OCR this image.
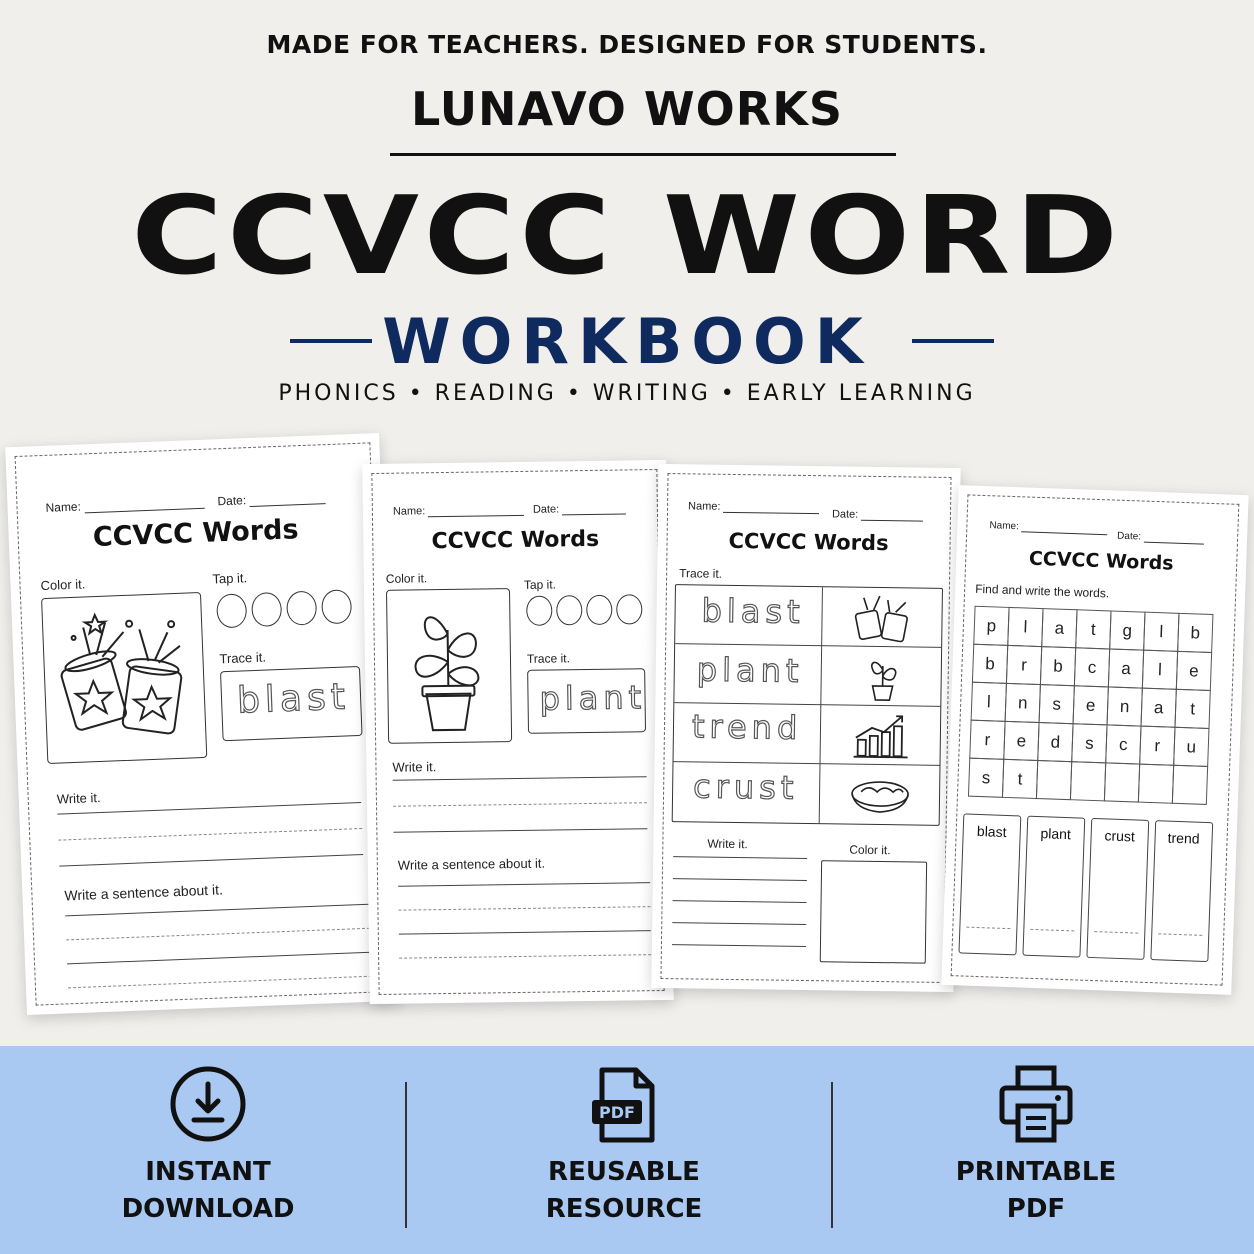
MADE FOR TEACHERS. DESIGNED FOR STUDENTS.
LUNAVO WORKS
CCVCC WORD
WORKBOOK
PHONICS • READING • WRITING • EARLY LEARNING
Name:	Date:
CCVCC Words
Color it.	Tap it.
Trace it.
blast
Write it.
Write a sentence about it.
Name:	Date:
CCVCC Words
Color it.	Tap it.
Trace it.
plant
Write it.
Write a sentence about it.
Name:
Date:
CCVCC Words
Trace it.
blast
plant
trend
crust
Write it.	Color it.
Name:
Date:
CCVCC Words
Find and write the words.
p	l	a	t	g	l	b
b	r	b	c	a	l	e
l	n	s	e	n	a	t
r	e	d	s	c	r	u
s	t
blast	plant	crust	trend
INSTANT
DOWNLOAD
PDF
REUSABLE
RESOURCE
PRINTABLE
PDF
